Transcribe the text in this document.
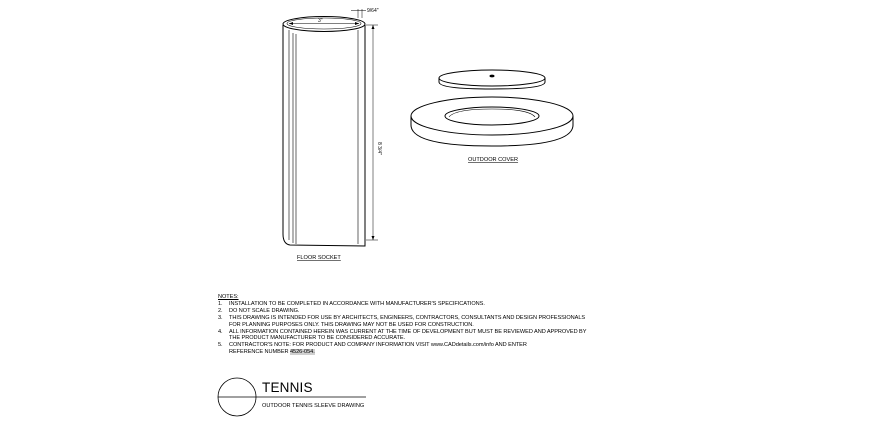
9/64"
3"
8 3/4"
FLOOR SOCKET
OUTDOOR COVER
NOTES:
1.	INSTALLATION TO BE COMPLETED IN ACCORDANCE WITH MANUFACTURER'S SPECIFICATIONS.
2.	DO NOT SCALE DRAWING.
3.	THIS DRAWING IS INTENDED FOR USE BY ARCHITECTS, ENGINEERS, CONTRACTORS, CONSULTANTS AND DESIGN PROFESSIONALS
FOR PLANNING PURPOSES ONLY. THIS DRAWING MAY NOT BE USED FOR CONSTRUCTION.
4.	ALL INFORMATION CONTAINED HEREIN WAS CURRENT AT THE TIME OF DEVELOPMENT BUT MUST BE REVIEWED AND APPROVED BY
THE PRODUCT MANUFACTURER TO BE CONSIDERED ACCURATE.
5.	CONTRACTOR'S NOTE: FOR PRODUCT AND COMPANY INFORMATION VISIT www.CADdetails.com/info AND ENTER
REFERENCE NUMBER 4526-054.
TENNIS
OUTDOOR TENNIS SLEEVE DRAWING
